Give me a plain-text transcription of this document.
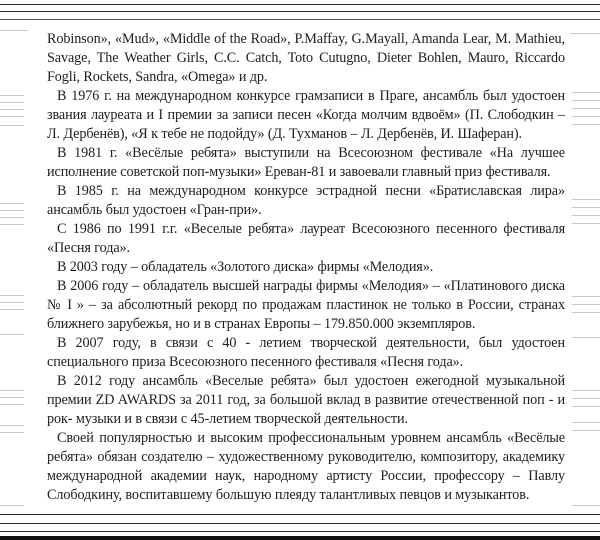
Robinson», «Mud», «Middle of the Road», P.Maffay, G.Mayall, Amanda Lear, M. Mathieu, Savage, The Weather Girls, C.C. Catch, Toto Cutugno, Dieter Bohlen, Mauro, Riccardo Fogli, Rockets, Sandra, «Omega» и др.

В 1976 г. на международном конкурсе грамзаписи в Праге, ансамбль был удостоен звания лауреата и I премии за записи песен «Когда молчим вдвоём» (П. Слободкин – Л. Дербенёв), «Я к тебе не подойду» (Д. Тухманов – Л. Дербенёв, И. Шаферан).

В 1981 г. «Весёлые ребята» выступили на Всесоюзном фестивале «На лучшее исполнение советской поп-музыки» Ереван-81 и завоевали главный приз фестиваля.

В 1985 г. на международном конкурсе эстрадной песни «Братиславская лира» ансамбль был удостоен «Гран-при».

С 1986 по 1991 г.г. «Веселые ребята» лауреат Всесоюзного песенного фестиваля «Песня года».

В 2003 году – обладатель «Золотого диска» фирмы «Мелодия».

В 2006 году – обладатель высшей награды фирмы «Мелодия» – «Платинового диска № I » – за абсолютный рекорд по продажам пластинок не только в России, странах ближнего зарубежья, но и в странах Европы – 179.850.000 экземпляров.

В 2007 году, в связи с 40 - летием творческой деятельности, был удостоен специального приза Всесоюзного песенного фестиваля «Песня года».

В 2012 году ансамбль «Веселые ребята» был удостоен ежегодной музыкальной премии ZD AWARDS за 2011 год, за большой вклад в развитие отечественной поп - и рок- музыки и в связи с 45-летием творческой деятельности.

Своей популярностью и высоким профессиональным уровнем ансамбль «Весёлые ребята» обязан создателю – художественному руководителю, композитору, академику международной академии наук, народному артисту России, профессору – Павлу Слободкину, воспитавшему большую плеяду талантливых певцов и музыкантов.
